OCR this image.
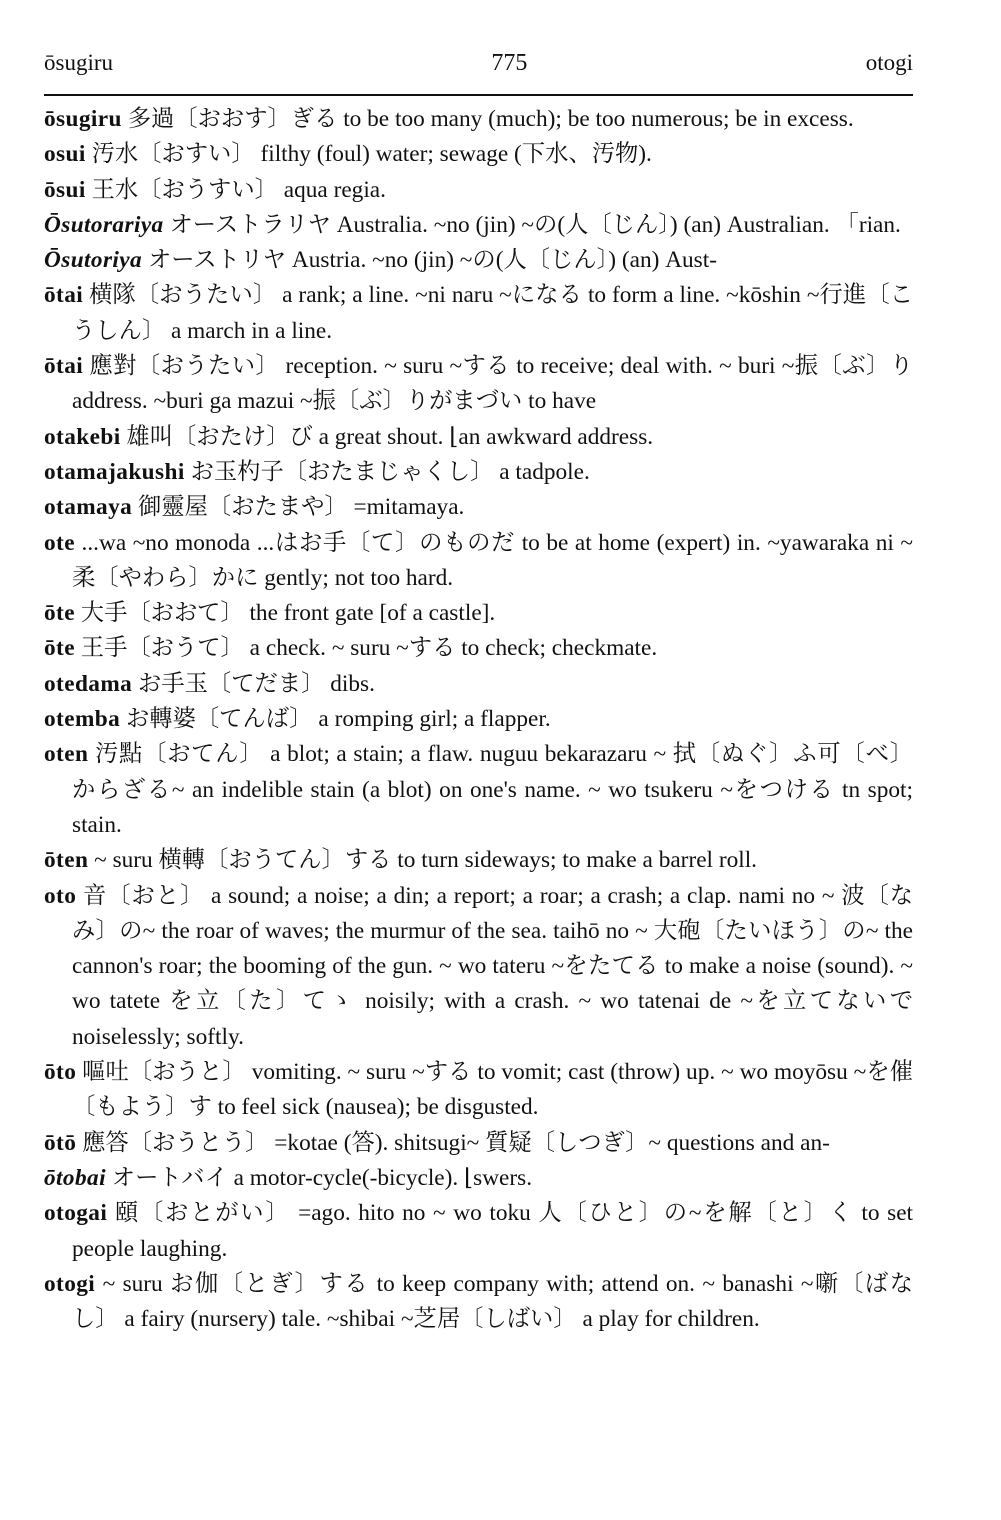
ōsugiru	775	otogi

ōsugiru 多過〔おおす〕ぎる to be too many (much); be too numerous; be in excess.

osui 汚水〔おすい〕 filthy (foul) water; sewage (下水、汚物).

ōsui 王水〔おうすい〕 aqua regia.

Ōsutorariya オーストラリヤ Australia. ~no (jin) ~の(人〔じん〕) (an) Australian. 「rian.

Ōsutoriya オーストリヤ Austria. ~no (jin) ~の(人〔じん〕) (an) Aust-

ōtai 横隊〔おうたい〕 a rank; a line. ~ni naru ~になる to form a line. ~kōshin ~行進〔こうしん〕 a march in a line.

ōtai 應對〔おうたい〕 reception. ~ suru ~する to receive; deal with. ~ buri ~振〔ぶ〕り address. ~buri ga mazui ~振〔ぶ〕りがまづい to have

otakebi 雄叫〔おたけ〕び a great shout. ⌊an awkward address.

otamajakushi お玉杓子〔おたまじゃくし〕 a tadpole.

otamaya 御靈屋〔おたまや〕 =mitamaya.

ote ...wa ~no monoda ...はお手〔て〕のものだ to be at home (expert) in. ~yawaraka ni ~柔〔やわら〕かに gently; not too hard.

ōte 大手〔おおて〕 the front gate [of a castle].

ōte 王手〔おうて〕 a check. ~ suru ~する to check; checkmate.

otedama お手玉〔てだま〕 dibs.

otemba お轉婆〔てんば〕 a romping girl; a flapper.

oten 汚點〔おてん〕 a blot; a stain; a flaw. nuguu bekarazaru ~ 拭〔ぬぐ〕ふ可〔べ〕からざる~ an indelible stain (a blot) on one's name. ~ wo tsukeru ~をつける tn spot; stain.

ōten ~ suru 横轉〔おうてん〕する to turn sideways; to make a barrel roll.

oto 音〔おと〕 a sound; a noise; a din; a report; a roar; a crash; a clap. nami no ~ 波〔なみ〕の~ the roar of waves; the murmur of the sea. taihō no ~ 大砲〔たいほう〕の~ the cannon's roar; the booming of the gun. ~ wo tateru ~をたてる to make a noise (sound). ~ wo tatete を立〔た〕てゝ noisily; with a crash. ~ wo tatenai de ~を立てないで noiselessly; softly.

ōto 嘔吐〔おうと〕 vomiting. ~ suru ~する to vomit; cast (throw) up. ~ wo moyōsu ~を催〔もよう〕す to feel sick (nausea); be disgusted.

ōtō 應答〔おうとう〕 =kotae (答). shitsugi~ 質疑〔しつぎ〕~ questions and an-

ōtobai オートバイ a motor-cycle(-bicycle). ⌊swers.

otogai 頤〔おとがい〕 =ago. hito no ~ wo toku 人〔ひと〕の~を解〔と〕く to set people laughing.

otogi ~ suru お伽〔とぎ〕する to keep company with; attend on. ~ banashi ~噺〔ばなし〕 a fairy (nursery) tale. ~shibai ~芝居〔しばい〕 a play for children.
